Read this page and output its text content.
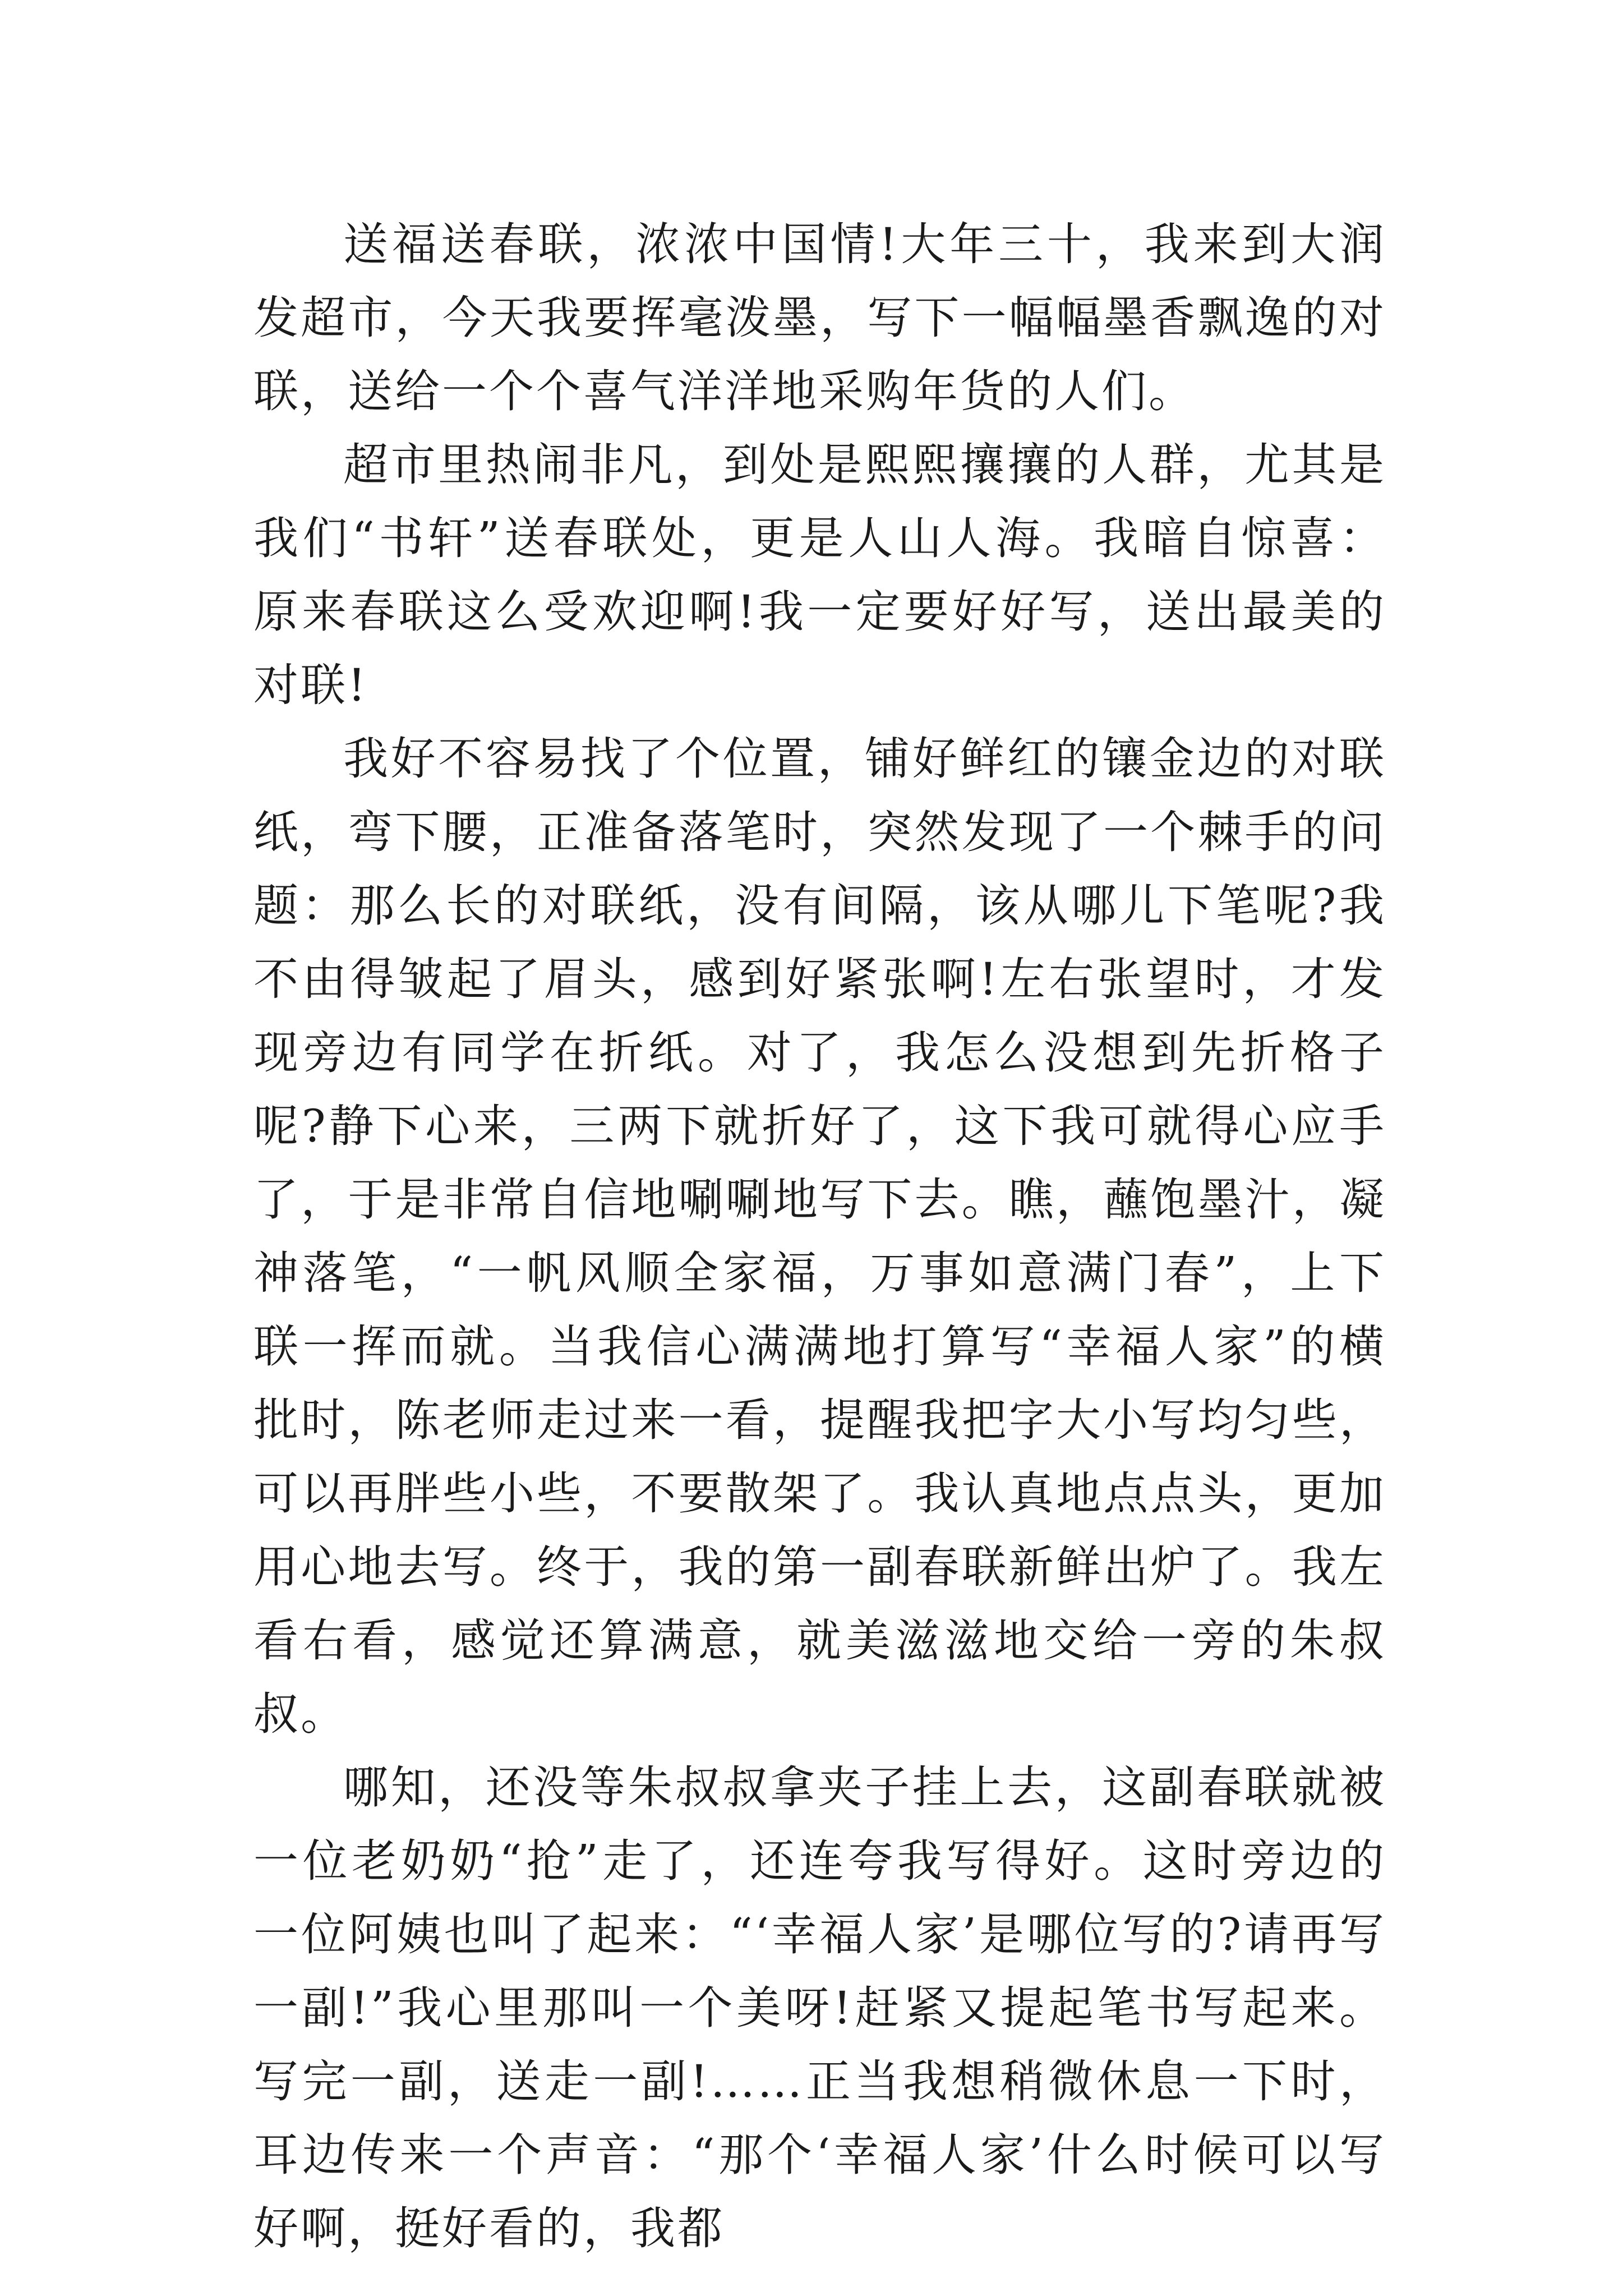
送福送春联，浓浓中国情!大年三十，我来到大润发超市，今天我要挥毫泼墨，写下一幅幅墨香飘逸的对联，送给一个个喜气洋洋地采购年货的人们。

超市里热闹非凡，到处是熙熙攘攘的人群，尤其是我们“书轩”送春联处，更是人山人海。我暗自惊喜：原来春联这么受欢迎啊!我一定要好好写，送出最美的对联!

我好不容易找了个位置，铺好鲜红的镶金边的对联纸，弯下腰，正准备落笔时，突然发现了一个棘手的问题：那么长的对联纸，没有间隔，该从哪儿下笔呢?我不由得皱起了眉头，感到好紧张啊!左右张望时，才发现旁边有同学在折纸。对了，我怎么没想到先折格子呢?静下心来，三两下就折好了，这下我可就得心应手了，于是非常自信地唰唰地写下去。瞧，蘸饱墨汁，凝神落笔，“一帆风顺全家福，万事如意满门春”，上下联一挥而就。当我信心满满地打算写“幸福人家”的横批时，陈老师走过来一看，提醒我把字大小写均匀些，可以再胖些小些，不要散架了。我认真地点点头，更加用心地去写。终于，我的第一副春联新鲜出炉了。我左看右看，感觉还算满意，就美滋滋地交给一旁的朱叔叔。

哪知，还没等朱叔叔拿夹子挂上去，这副春联就被一位老奶奶“抢”走了，还连夸我写得好。这时旁边的一位阿姨也叫了起来：“‘幸福人家’是哪位写的?请再写一副!”我心里那叫一个美呀!赶紧又提起笔书写起来。写完一副，送走一副!……正当我想稍微休息一下时，耳边传来一个声音：“那个‘幸福人家’什么时候可以写好啊，挺好看的，我都
